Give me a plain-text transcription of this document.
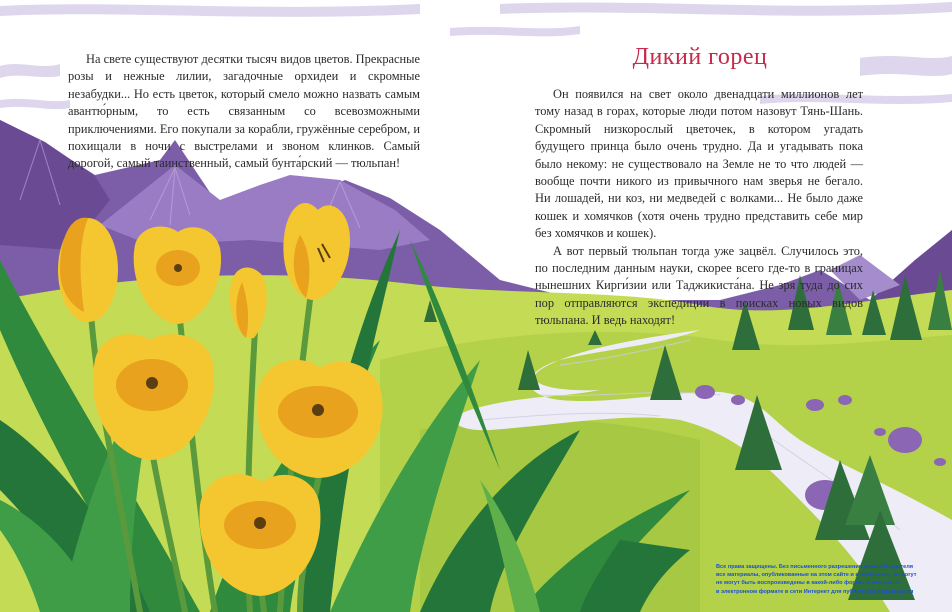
На свете существуют десятки тысяч видов цветов. Прекрасные розы и нежные лилии, загадочные орхидеи и скромные незабудки... Но есть цветок, который смело можно назвать самым авантю́рным, то есть связанным со всевозможными приключениями. Его покупали за корабли, гружённые серебром, и похищали в ночи с выстрелами и звоном клинков. Самый дорогой, самый таинственный, самый бунта́рский — тюльпан!

Дикий горец

Он появился на свет около двенадцати миллионов лет тому назад в горах, которые люди потом назовут Тянь-Шань. Скромный низкорослый цветочек, в котором угадать будущего принца было очень трудно. Да и угадывать пока было некому: не существовало на Земле не то что людей — вообще почти никого из привычного нам зверья не бегало. Ни лошадей, ни коз, ни медведей с волками... Не было даже кошек и хомячков (хотя очень трудно представить себе мир без хомячков и кошек).

А вот первый тюльпан тогда уже зацвёл. Случилось это, по последним данным науки, скорее всего где-то в границах нынешних Кирги́зии или Таджикиста́на. Не зря туда до сих пор отправляются экспедиции в поисках новых видов тюльпана. И ведь находят!

Все права защищены. Без письменного разрешения правообладателя
все материалы, опубликованные на этом сайте и в этой книге, не могут
не могут быть воспроизведены в какой-либо форме, в том числе
в электронном формате в сети Интернет для публичного пользования
